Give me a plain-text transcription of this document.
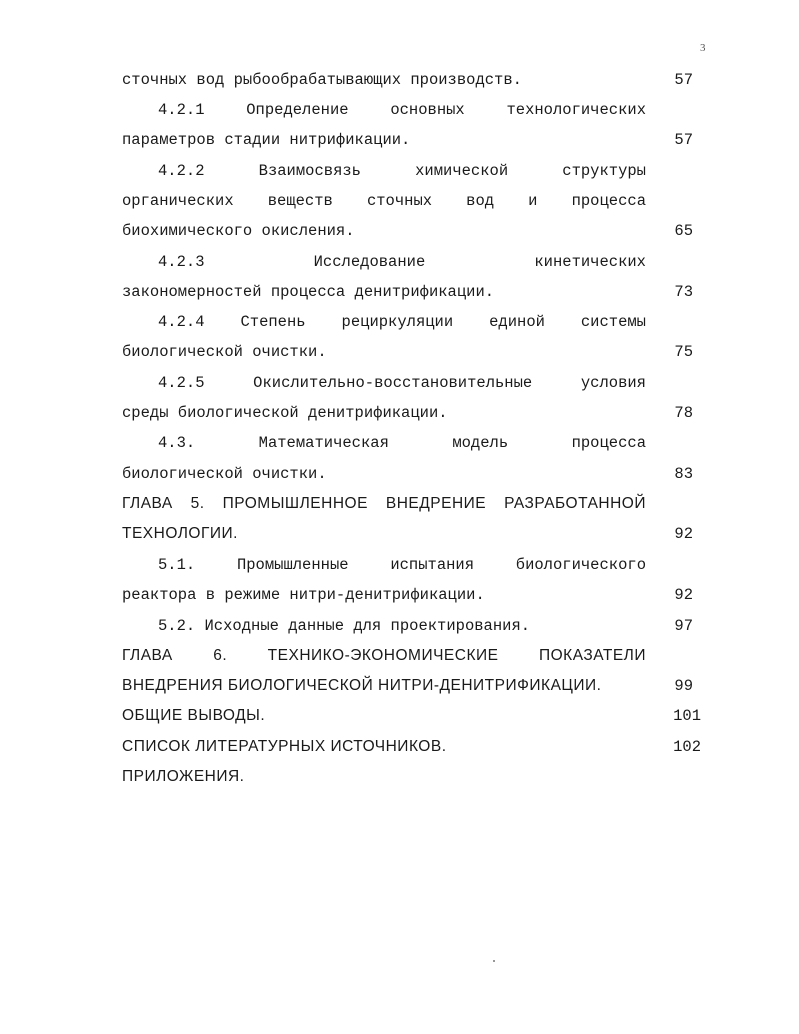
3
сточных вод рыбообрабатывающих производств.	57
4.2.1 Определение основных технологических
параметров стадии нитрификации.	57
4.2.2 Взаимосвязь химической структуры
органических веществ сточных вод и процесса
биохимического окисления.	65
4.2.3 Исследование кинетических
закономерностей процесса денитрификации.	73
4.2.4 Степень рециркуляции единой системы
биологической очистки.	75
4.2.5 Окислительно-восстановительные условия
среды биологической денитрификации.	78
4.3. Математическая модель процесса
биологической очистки.	83
ГЛАВА 5. ПРОМЫШЛЕННОЕ ВНЕДРЕНИЕ РАЗРАБОТАННОЙ
ТЕХНОЛОГИИ.	92
5.1. Промышленные испытания биологического
реактора в режиме нитри-денитрификации.	92
5.2. Исходные данные для проектирования.	97
ГЛАВА 6. ТЕХНИКО-ЭКОНОМИЧЕСКИЕ ПОКАЗАТЕЛИ
ВНЕДРЕНИЯ БИОЛОГИЧЕСКОЙ НИТРИ-ДЕНИТРИФИКАЦИИ.	99
ОБЩИЕ ВЫВОДЫ.	101
СПИСОК ЛИТЕРАТУРНЫХ ИСТОЧНИКОВ.	102
ПРИЛОЖЕНИЯ.
